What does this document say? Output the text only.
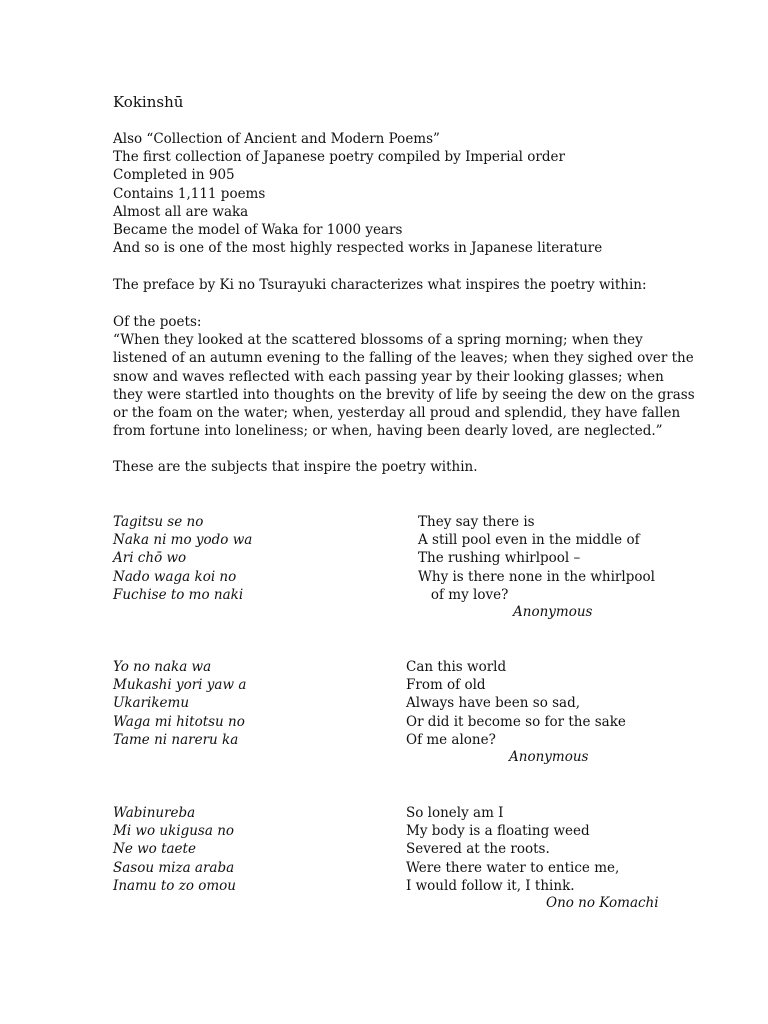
Kokinshū
Also “Collection of Ancient and Modern Poems”
The first collection of Japanese poetry compiled by Imperial order
Completed in 905
Contains 1,111 poems
Almost all are waka
Became the model of Waka for 1000 years
And so is one of the most highly respected works in Japanese literature
The preface by Ki no Tsurayuki characterizes what inspires the poetry within:
Of the poets:
“When they looked at the scattered blossoms of a spring morning; when they
listened of an autumn evening to the falling of the leaves; when they sighed over the
snow and waves reflected with each passing year by their looking glasses; when
they were startled into thoughts on the brevity of life by seeing the dew on the grass
or the foam on the water; when, yesterday all proud and splendid, they have fallen
from fortune into loneliness; or when, having been dearly loved, are neglected.”
These are the subjects that inspire the poetry within.
Tagitsu se no
Naka ni mo yodo wa
Ari chō wo
Nado waga koi no
Fuchise to mo naki
They say there is
A still pool even in the middle of
The rushing whirlpool –
Why is there none in the whirlpool
of my love?
Anonymous
Yo no naka wa
Mukashi yori yaw a
Ukarikemu
Waga mi hitotsu no
Tame ni nareru ka
Can this world
From of old
Always have been so sad,
Or did it become so for the sake
Of me alone?
Anonymous
Wabinureba
Mi wo ukigusa no
Ne wo taete
Sasou miza araba
Inamu to zo omou
So lonely am I
My body is a floating weed
Severed at the roots.
Were there water to entice me,
I would follow it, I think.
Ono no Komachi
